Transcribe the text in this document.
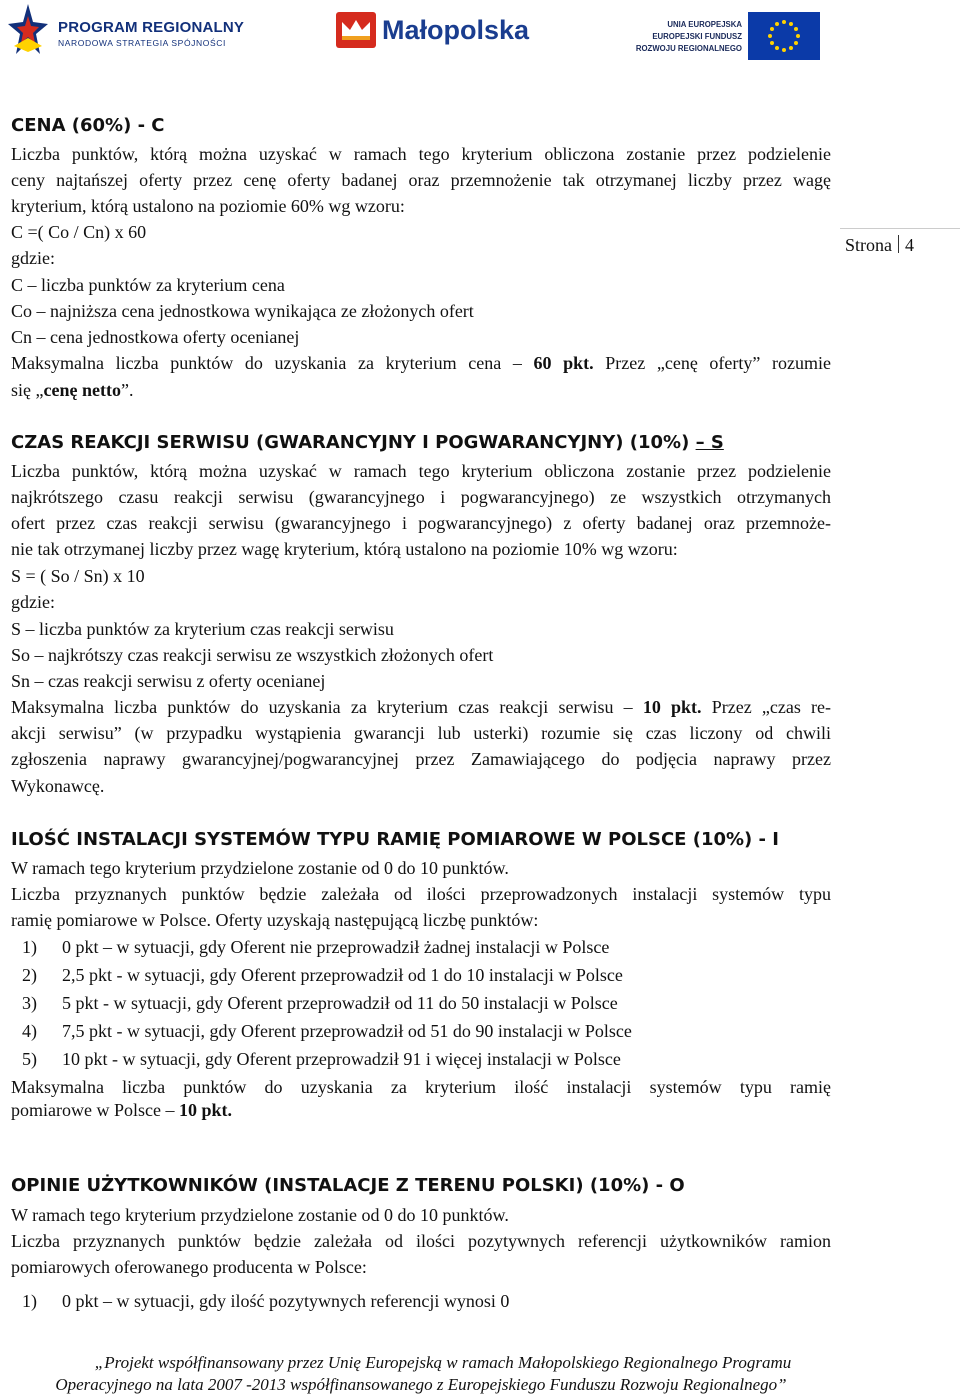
PROGRAM REGIONALNY
NARODOWA STRATEGIA SPÓJNOŚCI	Małopolska	UNIA EUROPEJSKA
EUROPEJSKI FUNDUSZ
ROZWOJU REGIONALNEGO
Strona 4
CENA (60%) - C
Liczba punktów, którą można uzyskać w ramach tego kryterium obliczona zostanie przez podzielenie
ceny najtańszej oferty przez cenę oferty badanej oraz przemnożenie tak otrzymanej liczby przez wagę
kryterium, którą ustalono na poziomie 60% wg wzoru:
C =( Co / Cn) x 60
gdzie:
C – liczba punktów za kryterium cena
Co – najniższa cena jednostkowa wynikająca ze złożonych ofert
Cn – cena jednostkowa oferty ocenianej
Maksymalna liczba punktów do uzyskania za kryterium cena – 60 pkt. Przez „cenę oferty” rozumie
się „cenę netto”.
CZAS REAKCJI SERWISU (GWARANCYJNY I POGWARANCYJNY) (10%) – S
Liczba punktów, którą można uzyskać w ramach tego kryterium obliczona zostanie przez podzielenie
najkrótszego czasu reakcji serwisu (gwarancyjnego i pogwarancyjnego) ze wszystkich otrzymanych
ofert przez czas reakcji serwisu (gwarancyjnego i pogwarancyjnego) z oferty badanej oraz przemnoże-
nie tak otrzymanej liczby przez wagę kryterium, którą ustalono na poziomie 10% wg wzoru:
S = ( So / Sn) x 10
gdzie:
S – liczba punktów za kryterium czas reakcji serwisu
So – najkrótszy czas reakcji serwisu ze wszystkich złożonych ofert
Sn – czas reakcji serwisu z oferty ocenianej
Maksymalna liczba punktów do uzyskania za kryterium czas reakcji serwisu – 10 pkt. Przez „czas re-
akcji serwisu” (w przypadku wystąpienia gwarancji lub usterki) rozumie się czas liczony od chwili
zgłoszenia naprawy gwarancyjnej/pogwarancyjnej przez Zamawiającego do podjęcia naprawy przez
Wykonawcę.
ILOŚĆ INSTALACJI SYSTEMÓW TYPU RAMIĘ POMIAROWE W POLSCE (10%) - I
W ramach tego kryterium przydzielone zostanie od 0 do 10 punktów.
Liczba przyznanych punktów będzie zależała od ilości przeprowadzonych instalacji systemów typu
ramię pomiarowe w Polsce. Oferty uzyskają następującą liczbę punktów:
1) 0 pkt – w sytuacji, gdy Oferent nie przeprowadził żadnej instalacji w Polsce
2) 2,5 pkt - w sytuacji, gdy Oferent przeprowadził od 1 do 10 instalacji w Polsce
3) 5 pkt - w sytuacji, gdy Oferent przeprowadził od 11 do 50 instalacji w Polsce
4) 7,5 pkt - w sytuacji, gdy Oferent przeprowadził od 51 do 90 instalacji w Polsce
5) 10 pkt - w sytuacji, gdy Oferent przeprowadził 91 i więcej instalacji w Polsce
Maksymalna liczba punktów do uzyskania za kryterium ilość instalacji systemów typu ramię
pomiarowe w Polsce – 10 pkt.
OPINIE UŻYTKOWNIKÓW (INSTALACJE Z TERENU POLSKI) (10%) - O
W ramach tego kryterium przydzielone zostanie od 0 do 10 punktów.
Liczba przyznanych punktów będzie zależała od ilości pozytywnych referencji użytkowników ramion
pomiarowych oferowanego producenta w Polsce:
1) 0 pkt – w sytuacji, gdy ilość pozytywnych referencji wynosi 0
„Projekt współfinansowany przez Unię Europejską w ramach Małopolskiego Regionalnego Programu
Operacyjnego na lata 2007 -2013 współfinansowanego z Europejskiego Funduszu Rozwoju Regionalnego”
